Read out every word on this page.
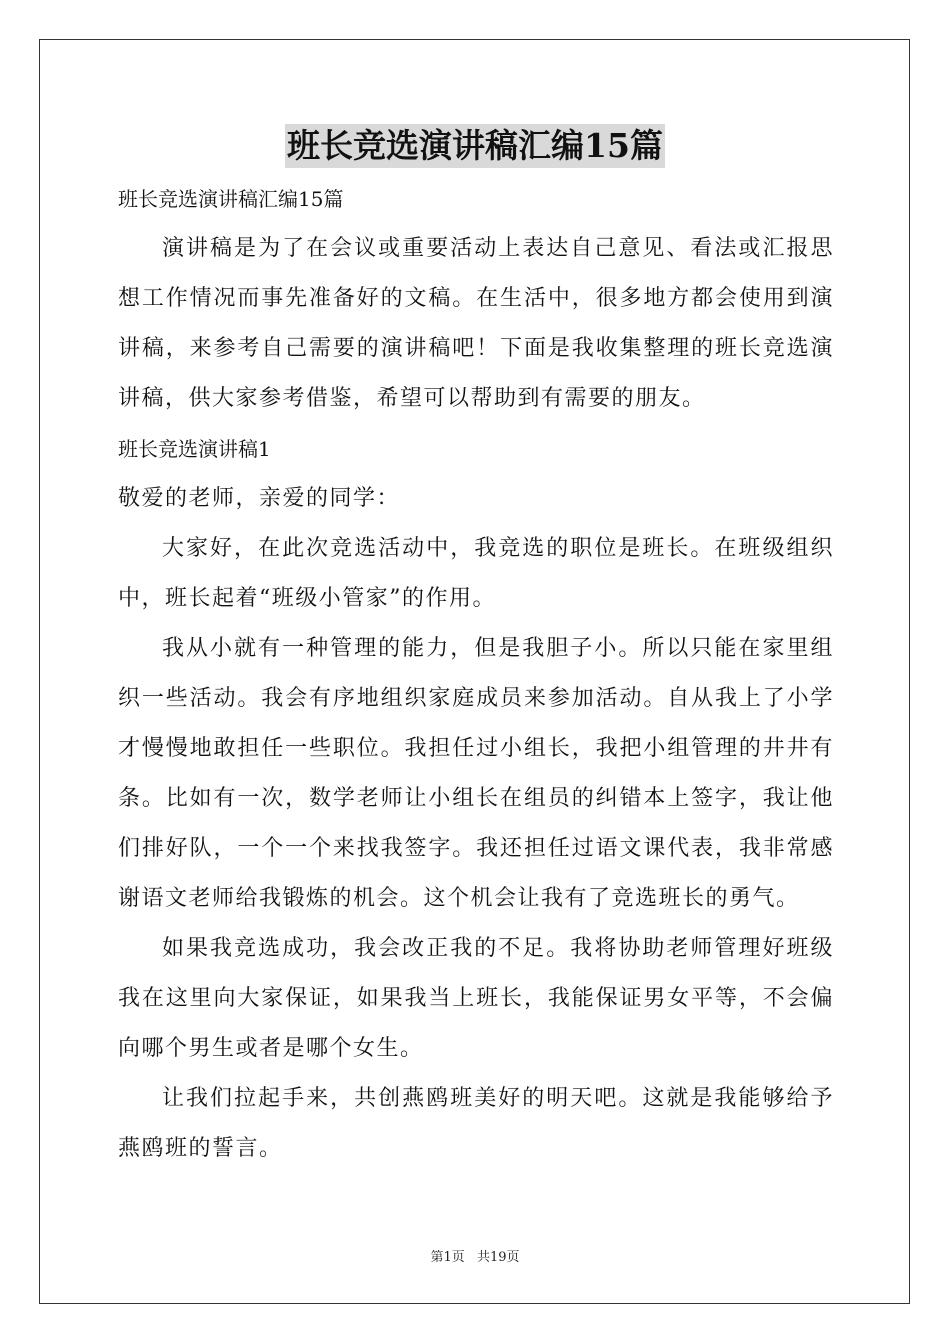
班长竞选演讲稿汇编15篇

班长竞选演讲稿汇编15篇

演讲稿是为了在会议或重要活动上表达自己意见、看法或汇报思想工作情况而事先准备好的文稿。在生活中，很多地方都会使用到演讲稿，来参考自己需要的演讲稿吧！下面是我收集整理的班长竞选演讲稿，供大家参考借鉴，希望可以帮助到有需要的朋友。

班长竞选演讲稿1

敬爱的老师，亲爱的同学：

大家好，在此次竞选活动中，我竞选的职位是班长。在班级组织中，班长起着“班级小管家”的作用。

我从小就有一种管理的能力，但是我胆子小。所以只能在家里组织一些活动。我会有序地组织家庭成员来参加活动。自从我上了小学才慢慢地敢担任一些职位。我担任过小组长，我把小组管理的井井有条。比如有一次，数学老师让小组长在组员的纠错本上签字，我让他们排好队，一个一个来找我签字。我还担任过语文课代表，我非常感谢语文老师给我锻炼的机会。这个机会让我有了竞选班长的勇气。

如果我竞选成功，我会改正我的不足。我将协助老师管理好班级我在这里向大家保证，如果我当上班长，我能保证男女平等，不会偏向哪个男生或者是哪个女生。

让我们拉起手来，共创燕鸥班美好的明天吧。这就是我能够给予燕鸥班的誓言。

第1页 共19页
